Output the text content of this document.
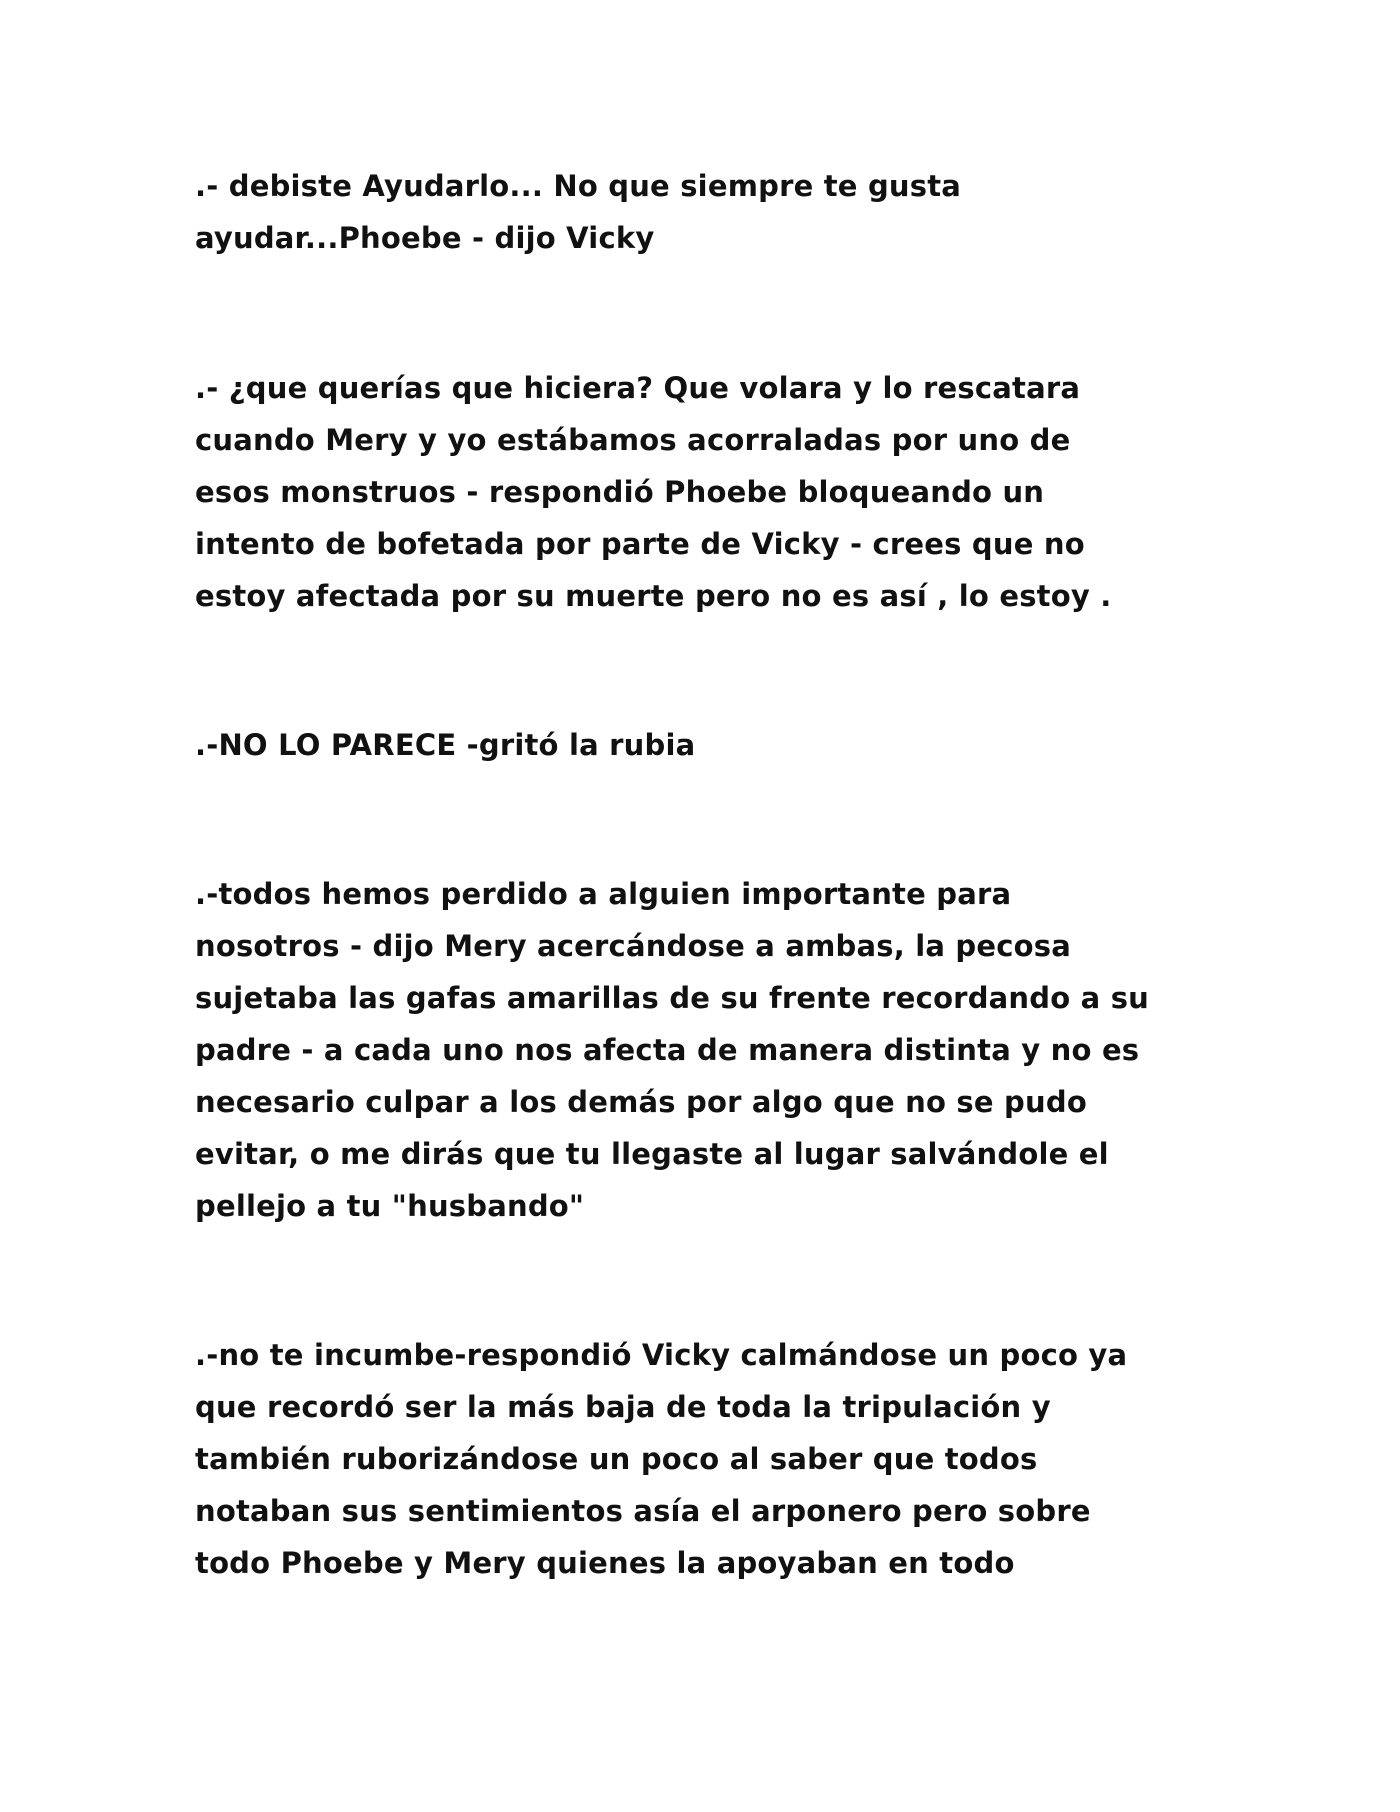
.- debiste Ayudarlo... No que siempre te gusta
ayudar...Phoebe - dijo Vicky

.- ¿que querías que hiciera? Que volara y lo rescatara
cuando Mery y yo estábamos acorraladas por uno de
esos monstruos - respondió Phoebe bloqueando un
intento de bofetada por parte de Vicky - crees que no
estoy afectada por su muerte pero no es así , lo estoy .

.-NO LO PARECE -gritó la rubia

.-todos hemos perdido a alguien importante para
nosotros - dijo Mery acercándose a ambas, la pecosa
sujetaba las gafas amarillas de su frente recordando a su
padre - a cada uno nos afecta de manera distinta y no es
necesario culpar a los demás por algo que no se pudo
evitar, o me dirás que tu llegaste al lugar salvándole el
pellejo a tu "husbando"

.-no te incumbe-respondió Vicky calmándose un poco ya
que recordó ser la más baja de toda la tripulación y
también ruborizándose un poco al saber que todos
notaban sus sentimientos asía el arponero pero sobre
todo Phoebe y Mery quienes la apoyaban en todo
